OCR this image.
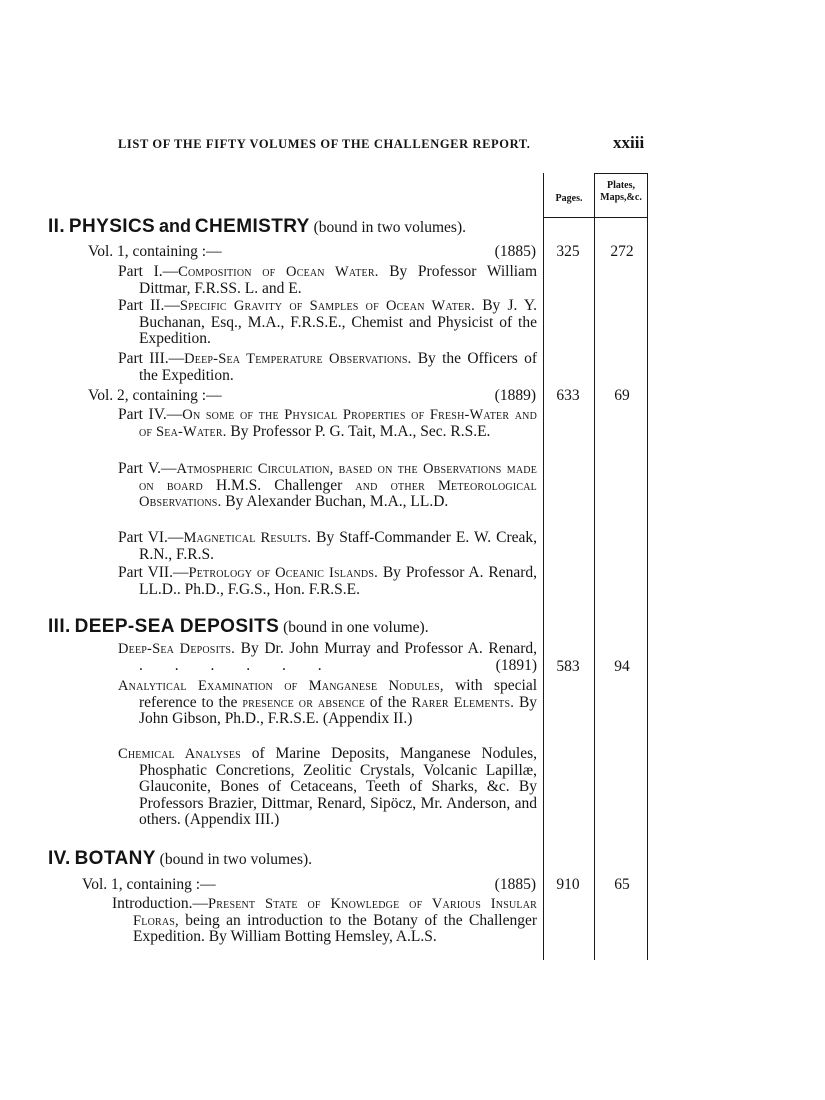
LIST OF THE FIFTY VOLUMES OF THE CHALLENGER REPORT.	xxiii
Pages.
Plates,
Maps,&c.
II. PHYSICS and CHEMISTRY (bound in two volumes).
Vol. 1, containing :—	(1885)	325	272
Part I.—Composition of Ocean Water. By Professor William Dittmar, F.R.SS. L. and E.
Part II.—Specific Gravity of Samples of Ocean Water. By J. Y. Buchanan, Esq., M.A., F.R.S.E., Chemist and Physicist of the Expedition.
Part III.—Deep-Sea Temperature Observations. By the Officers of the Expedition.
Vol. 2, containing :—	(1889)	633	69
Part IV.—On some of the Physical Properties of Fresh-Water and of Sea-Water. By Professor P. G. Tait, M.A., Sec. R.S.E.
Part V.—Atmospheric Circulation, based on the Observations made on board H.M.S. Challenger and other Meteorological Observations. By Alexander Buchan, M.A., LL.D.
Part VI.—Magnetical Results. By Staff-Commander E. W. Creak, R.N., F.R.S.
Part VII.—Petrology of Oceanic Islands. By Professor A. Renard, LL.D.. Ph.D., F.G.S., Hon. F.R.S.E.
III. DEEP-SEA DEPOSITS (bound in one volume).
Deep-Sea Deposits. By Dr. John Murray and Professor A. Renard, . . . . . .	(1891)	583	94
Analytical Examination of Manganese Nodules, with special reference to the presence or absence of the Rarer Elements. By John Gibson, Ph.D., F.R.S.E. (Appendix II.)
Chemical Analyses of Marine Deposits, Manganese Nodules, Phosphatic Concretions, Zeolitic Crystals, Volcanic Lapillæ, Glauconite, Bones of Cetaceans, Teeth of Sharks, &c. By Professors Brazier, Dittmar, Renard, Sipöcz, Mr. Anderson, and others. (Appendix III.)
IV. BOTANY (bound in two volumes).
Vol. 1, containing :—	(1885)	910	65
Introduction.—Present State of Knowledge of Various Insular Floras, being an introduction to the Botany of the Challenger Expedition. By William Botting Hemsley, A.L.S.
